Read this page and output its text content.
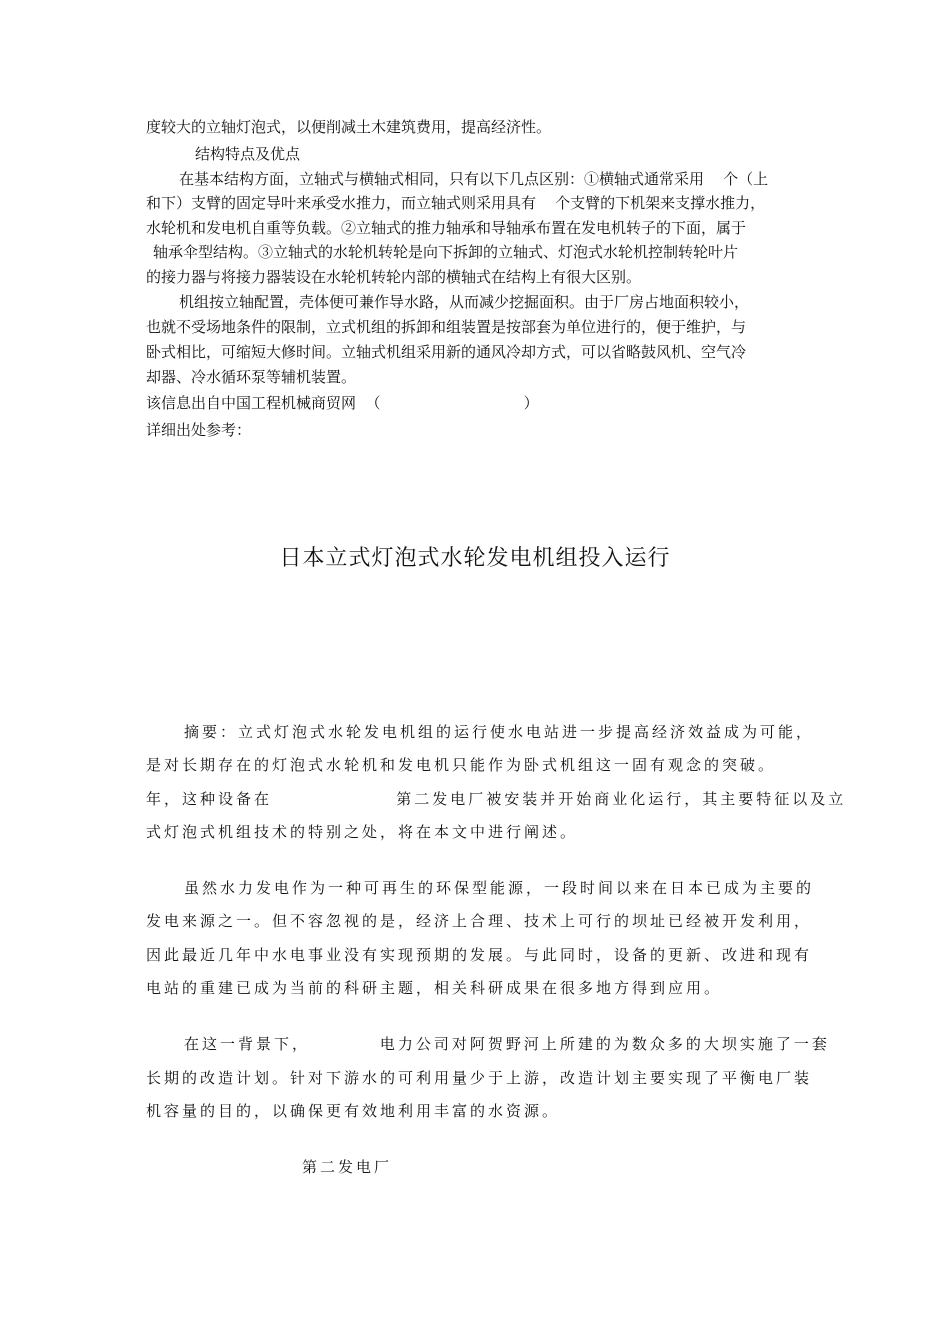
度较大的立轴灯泡式，以便削减土木建筑费用，提高经济性。
结构特点及优点
在基本结构方面，立轴式与横轴式相同，只有以下几点区别：①横轴式通常采用    个（上
和下）支臂的固定导叶来承受水推力，而立轴式则采用具有    个支臂的下机架来支撑水推力，
水轮机和发电机自重等负载。②立轴式的推力轴承和导轴承布置在发电机转子的下面，属于
轴承伞型结构。③立轴式的水轮机转轮是向下拆卸的立轴式、灯泡式水轮机控制转轮叶片
的接力器与将接力器装设在水轮机转轮内部的横轴式在结构上有很大区别。
机组按立轴配置，壳体便可兼作导水路，从而减少挖掘面积。由于厂房占地面积较小，
也就不受场地条件的限制，立式机组的拆卸和组装置是按部套为单位进行的，便于维护，与
卧式相比，可缩短大修时间。立轴式机组采用新的通风冷却方式，可以省略鼓风机、空气冷
却器、冷水循环泵等辅机装置。
该信息出自中国工程机械商贸网  （                              ）
详细出处参考：
日本立式灯泡式水轮发电机组投入运行
摘要：立式灯泡式水轮发电机组的运行使水电站进一步提高经济效益成为可能，
是对长期存在的灯泡式水轮机和发电机只能作为卧式机组这一固有观念的突破。
年，这种设备在                第二发电厂被安装并开始商业化运行，其主要特征以及立
式灯泡式机组技术的特别之处，将在本文中进行阐述。
虽然水力发电作为一种可再生的环保型能源，一段时间以来在日本已成为主要的
发电来源之一。但不容忽视的是，经济上合理、技术上可行的坝址已经被开发利用，
因此最近几年中水电事业没有实现预期的发展。与此同时，设备的更新、改进和现有
电站的重建已成为当前的科研主题，相关科研成果在很多地方得到应用。
在这一背景下，         电力公司对阿贺野河上所建的为数众多的大坝实施了一套
长期的改造计划。针对下游水的可利用量少于上游，改造计划主要实现了平衡电厂装
机容量的目的，以确保更有效地利用丰富的水资源。
第二发电厂
